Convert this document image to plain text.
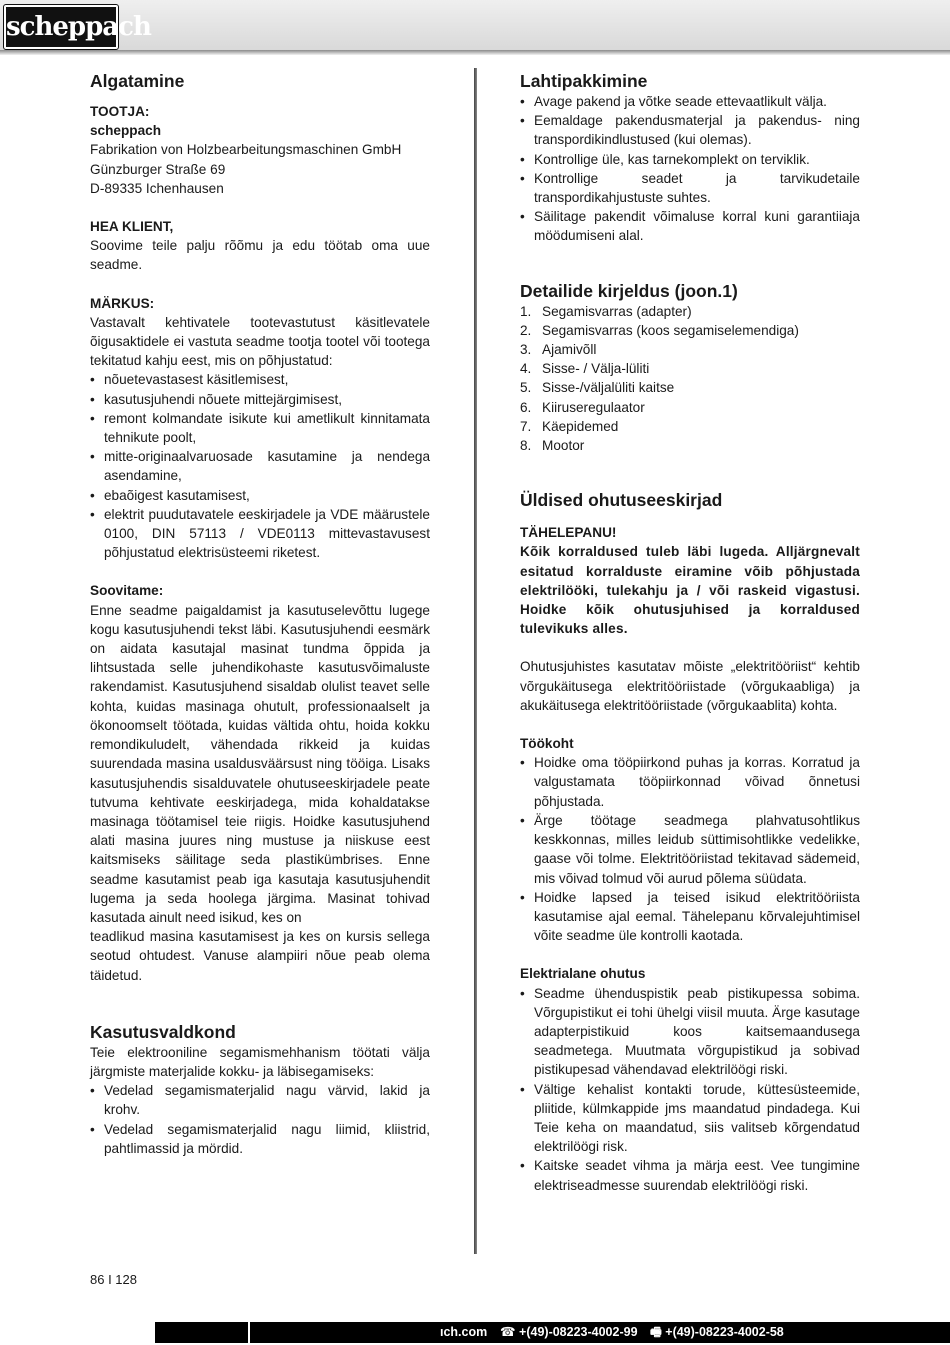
scheppach
Algatamine
TOOTJA:
scheppach
Fabrikation von Holzbearbeitungsmaschinen GmbH
Günzburger Straße 69
D-89335 Ichenhausen
HEA KLIENT,

Soovime teile palju rõõmu ja edu töötab oma uue seadme.

MÄRKUS:

Vastavalt kehtivatele tootevastutust käsitlevatele õigusaktidele ei vastuta seadme tootja tootel või tootega tekitatud kahju eest, mis on põhjustatud:

• nõuetevastasest käsitlemisest,
• kasutusjuhendi nõuete mittejärgimisest,
• remont kolmandate isikute kui ametlikult kinnitamata tehnikute poolt,
• mitte-originaalvaruosade kasutamine ja nendega asendamine,
• ebaõigest kasutamisest,
• elektrit puudutavatele eeskirjadele ja VDE määrustele 0100, DIN 57113 / VDE0113 mittevastavusest põhjustatud elektrisüsteemi riketest.
Soovitame:

Enne seadme paigaldamist ja kasutuselevõttu lugege kogu kasutusjuhendi tekst läbi. Kasutusjuhendi eesmärk on aidata kasutajal masinat tundma õppida ja lihtsustada selle juhendikohaste kasutusvõimaluste rakendamist. Kasutusjuhend sisaldab olulist teavet selle kohta, kuidas masinaga ohutult, professionaalselt ja ökonoomselt töötada, kuidas vältida ohtu, hoida kokku remondikuludelt, vähendada rikkeid ja kuidas suurendada masina usaldusväärsust ning tööiga. Lisaks kasutusjuhendis sisalduvatele ohutuseeskirjadele peate tutvuma kehtivate eeskirjadega, mida kohaldatakse masinaga töötamisel teie riigis. Hoidke kasutusjuhend alati masina juures ning mustuse ja niiskuse eest kaitsmiseks säilitage seda plastikümbrises. Enne seadme kasutamist peab iga kasutaja kasutusjuhendit lugema ja seda hoolega järgima. Masinat tohivad kasutada ainult need isikud, kes on

teadlikud masina kasutamisest ja kes on kursis sellega seotud ohtudest. Vanuse alampiiri nõue peab olema täidetud.

Kasutusvaldkond

Teie elektrooniline segamismehhanism töötati välja järgmiste materjalide kokku- ja läbisegamiseks:

• Vedelad segamismaterjalid nagu värvid, lakid ja krohv.
• Vedelad segamismaterjalid nagu liimid, kliistrid, pahtlimassid ja mördid.
Lahtipakkimine
• Avage pakend ja võtke seade ettevaatlikult välja.
• Eemaldage pakendusmaterjal ja pakendus- ning transpordikindlustused (kui olemas).
• Kontrollige üle, kas tarnekomplekt on terviklik.
• Kontrollige seadet ja tarvikudetaile transpordikahjustuste suhtes.
• Säilitage pakendit võimaluse korral kuni garantiiaja möödumiseni alal.
Detailide kirjeldus (joon.1)
1. Segamisvarras (adapter)
2. Segamisvarras (koos segamiselemendiga)
3. Ajamivõll
4. Sisse- / Välja-lüliti
5. Sisse-/väljalüliti kaitse
6. Kiiruseregulaator
7. Käepidemed
8. Mootor
Üldised ohutuseeskirjad
TÄHELEPANU!

Kõik korraldused tuleb läbi lugeda. Alljärgnevalt esitatud korralduste eiramine võib põhjustada elektrilööki, tulekahju ja / või raskeid vigastusi. Hoidke kõik ohutusjuhised ja korraldused tulevikuks alles.

Ohutusjuhistes kasutatav mõiste „elektritööriist“ kehtib võrgukäitusega elektritööriistade (võrgukaabliga) ja akukäitusega elektritööriistade (võrgukaablita) kohta.

Töökoht
• Hoidke oma tööpiirkond puhas ja korras. Korratud ja valgustamata tööpiirkonnad võivad õnnetusi põhjustada.
• Ärge töötage seadmega plahvatusohtlikus keskkonnas, milles leidub süttimisohtlikke vedelikke, gaase või tolme. Elektritööriistad tekitavad sädemeid, mis võivad tolmud või aurud põlema süüdata.
• Hoidke lapsed ja teised isikud elektritööriista kasutamise ajal eemal. Tähelepanu kõrvalejuhtimisel võite seadme üle kontrolli kaotada.
Elektrialane ohutus
• Seadme ühenduspistik peab pistikupessa sobima. Võrgupistikut ei tohi ühelgi viisil muuta. Ärge kasutage adapterpistikuid koos kaitsemaandusega seadmetega. Muutmata võrgupistikud ja sobivad pistikupesad vähendavad elektrilöögi riski.
• Vältige kehalist kontakti torude, küttesüsteemide, pliitide, külmkappide jms maandatud pindadega. Kui Teie keha on maandatud, siis valitseb kõrgendatud elektrilöögi risk.
• Kaitske seadet vihma ja märja eest. Vee tungimine elektriseadmesse suurendab elektrilöögi riski.
86 I 128
ıch.com ☎ +(49)-08223-4002-99 🖷 +(49)-08223-4002-58
